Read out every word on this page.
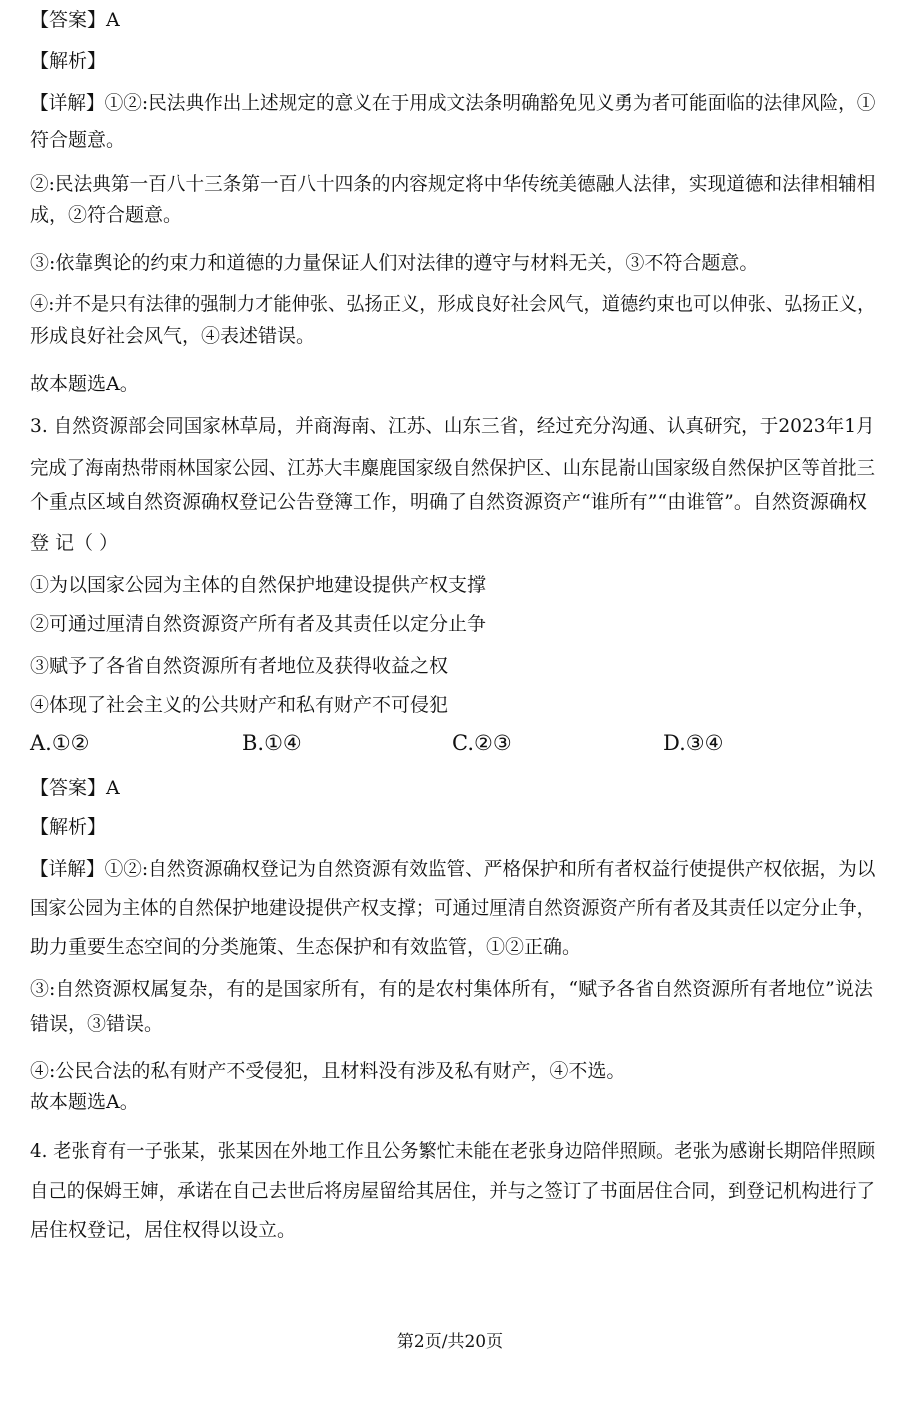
【答案】A
【解析】
【详解】①②:民法典作出上述规定的意义在于用成文法条明确豁免见义勇为者可能面临的法律风险，①
符合题意。
②:民法典第一百八十三条第一百八十四条的内容规定将中华传统美德融人法律，实现道德和法律相辅相
成，②符合题意。
③:依靠舆论的约束力和道德的力量保证人们对法律的遵守与材料无关，③不符合题意。
④:并不是只有法律的强制力才能伸张、弘扬正义，形成良好社会风气，道德约束也可以伸张、弘扬正义，
形成良好社会风气，④表述错误。
故本题选A。
3. 自然资源部会同国家林草局，并商海南、江苏、山东三省，经过充分沟通、认真研究，于2023年1月
完成了海南热带雨林国家公园、江苏大丰麋鹿国家级自然保护区、山东昆嵛山国家级自然保护区等首批三
个重点区域自然资源确权登记公告登簿工作，明确了自然资源资产“谁所有”“由谁管”。自然资源确权
登 记（ ）
①为以国家公园为主体的自然保护地建设提供产权支撑
②可通过厘清自然资源资产所有者及其责任以定分止争
③赋予了各省自然资源所有者地位及获得收益之权
④体现了社会主义的公共财产和私有财产不可侵犯
A.①②	B.①④	C.②③	D.③④
【答案】A
【解析】
【详解】①②:自然资源确权登记为自然资源有效监管、严格保护和所有者权益行使提供产权依据，为以
国家公园为主体的自然保护地建设提供产权支撑；可通过厘清自然资源资产所有者及其责任以定分止争，
助力重要生态空间的分类施策、生态保护和有效监管，①②正确。
③:自然资源权属复杂，有的是国家所有，有的是农村集体所有，“赋予各省自然资源所有者地位”说法
错误，③错误。
④:公民合法的私有财产不受侵犯，且材料没有涉及私有财产，④不选。
故本题选A。
4. 老张育有一子张某，张某因在外地工作且公务繁忙未能在老张身边陪伴照顾。老张为感谢长期陪伴照顾
自己的保姆王婶，承诺在自己去世后将房屋留给其居住，并与之签订了书面居住合同，到登记机构进行了
居住权登记，居住权得以设立。
第2页/共20页
